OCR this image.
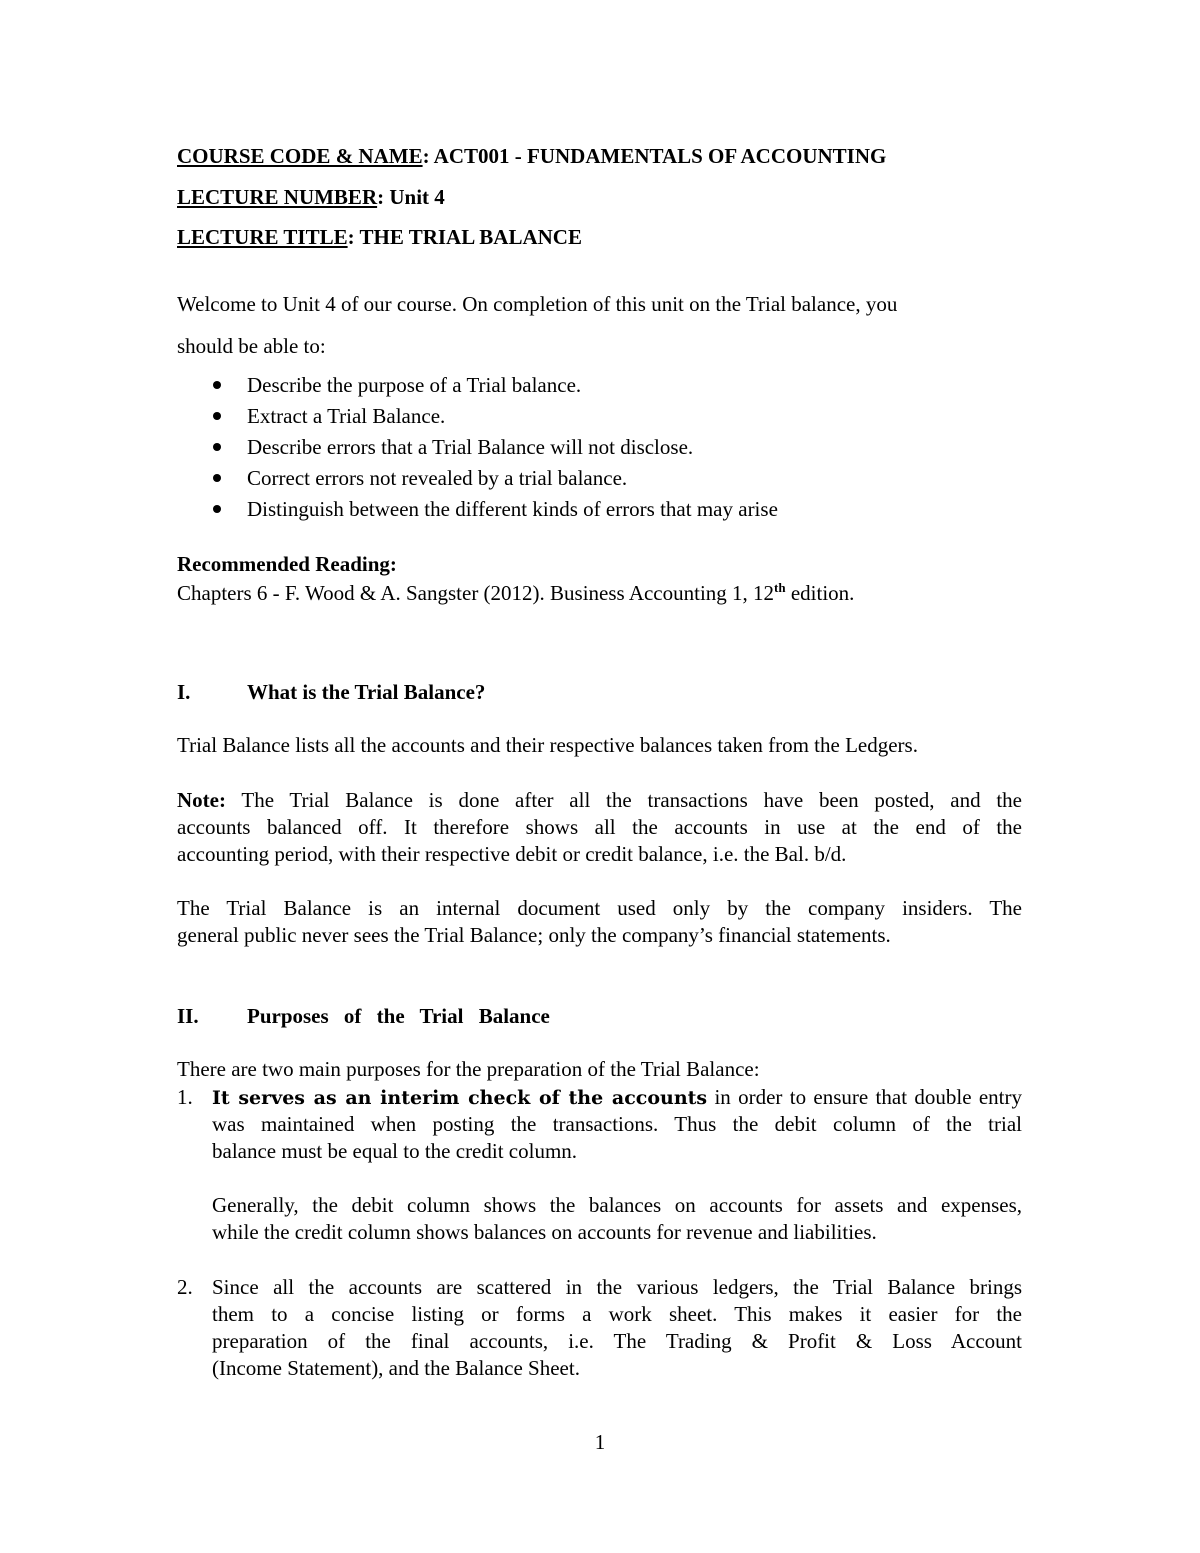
COURSE CODE & NAME: ACT001 - FUNDAMENTALS OF ACCOUNTING
LECTURE NUMBER: Unit 4
LECTURE TITLE: THE TRIAL BALANCE
Welcome to Unit 4 of our course. On completion of this unit on the Trial balance, you
should be able to:
Describe the purpose of a Trial balance.
Extract a Trial Balance.
Describe errors that a Trial Balance will not disclose.
Correct errors not revealed by a trial balance.
Distinguish between the different kinds of errors that may arise
Recommended Reading:
Chapters 6 - F. Wood & A. Sangster (2012). Business Accounting 1, 12th edition.
I.	What is the Trial Balance?
Trial Balance lists all the accounts and their respective balances taken from the Ledgers.
Note: The Trial Balance is done after all the transactions have been posted, and the
accounts balanced off. It therefore shows all the accounts in use at the end of the
accounting period, with their respective debit or credit balance, i.e. the Bal. b/d.
The Trial Balance is an internal document used only by the company insiders. The
general public never sees the Trial Balance; only the company’s financial statements.
II. Purposes of the Trial Balance
There are two main purposes for the preparation of the Trial Balance:
1. It serves as an interim check of the accounts in order to ensure that double entry
was maintained when posting the transactions. Thus the debit column of the trial
balance must be equal to the credit column.
Generally, the debit column shows the balances on accounts for assets and expenses,
while the credit column shows balances on accounts for revenue and liabilities.
2. Since all the accounts are scattered in the various ledgers, the Trial Balance brings
them to a concise listing or forms a work sheet. This makes it easier for the
preparation of the final accounts, i.e. The Trading & Profit & Loss Account
(Income Statement), and the Balance Sheet.
1
